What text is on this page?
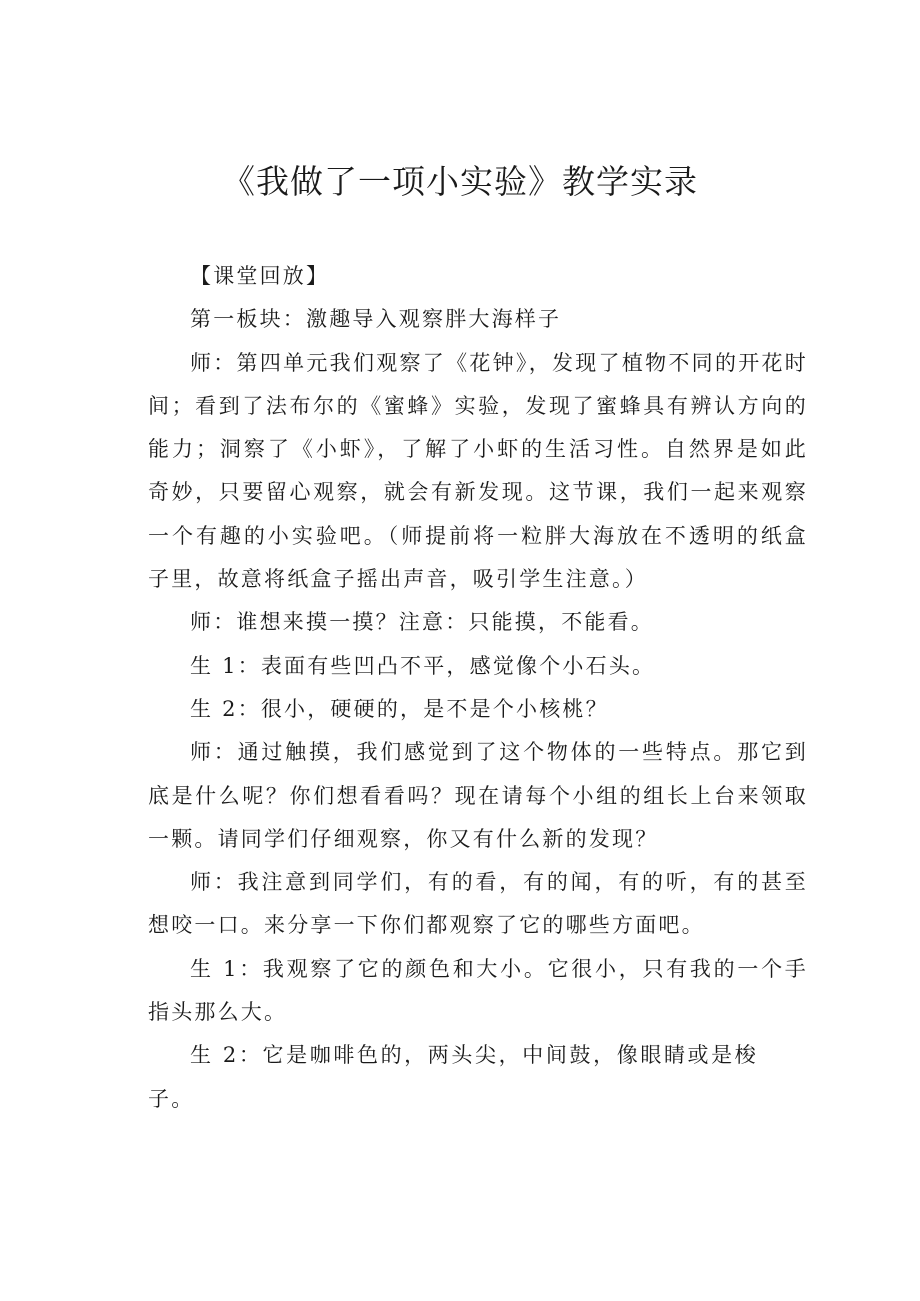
《我做了一项小实验》教学实录

【课堂回放】

第一板块：激趣导入观察胖大海样子

师：第四单元我们观察了《花钟》，发现了植物不同的开花时间；看到了法布尔的《蜜蜂》实验，发现了蜜蜂具有辨认方向的能力；洞察了《小虾》，了解了小虾的生活习性。自然界是如此奇妙，只要留心观察，就会有新发现。这节课，我们一起来观察一个有趣的小实验吧。（师提前将一粒胖大海放在不透明的纸盒子里，故意将纸盒子摇出声音，吸引学生注意。）

师：谁想来摸一摸？注意：只能摸，不能看。

生 1：表面有些凹凸不平，感觉像个小石头。

生 2：很小，硬硬的，是不是个小核桃？

师：通过触摸，我们感觉到了这个物体的一些特点。那它到底是什么呢？你们想看看吗？现在请每个小组的组长上台来领取一颗。请同学们仔细观察，你又有什么新的发现？

师：我注意到同学们，有的看，有的闻，有的听，有的甚至想咬一口。来分享一下你们都观察了它的哪些方面吧。

生 1：我观察了它的颜色和大小。它很小，只有我的一个手指头那么大。

生 2：它是咖啡色的，两头尖，中间鼓，像眼睛或是梭子。
